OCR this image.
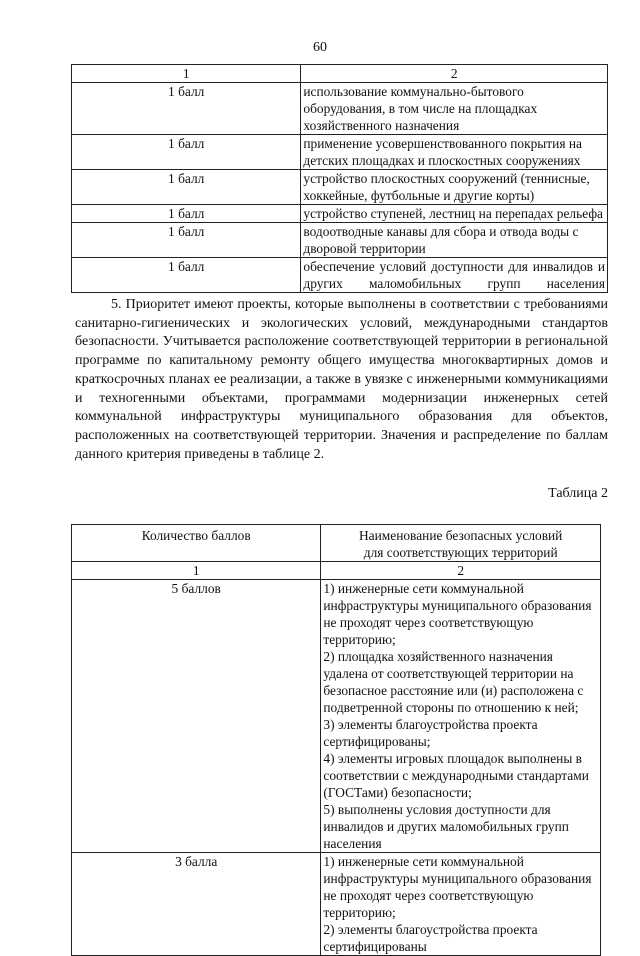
60
1	2
1 балл	использование коммунально-бытового оборудования, в том числе на площадках хозяйственного назначения
1 балл	применение усовершенствованного покрытия на детских площадках и плоскостных сооружениях
1 балл	устройство плоскостных сооружений (теннисные, хоккейные, футбольные и другие корты)
1 балл	устройство ступеней, лестниц на перепадах рельефа
1 балл	водоотводные канавы для сбора и отвода воды с дворовой территории
1 балл	обеспечение условий доступности для инвалидов и других маломобильных групп населения
5. Приоритет имеют проекты, которые выполнены в соответствии с требованиями санитарно-гигиенических и экологических условий, международными стандартов безопасности. Учитывается расположение соответствующей территории в региональной программе по капитальному ремонту общего имущества многоквартирных домов и краткосрочных планах ее реализации, а также в увязке с инженерными коммуникациями и техногенными объектами, программами модернизации инженерных сетей коммунальной инфраструктуры муниципального образования для объектов, расположенных на соответствующей территории. Значения и распределение по баллам данного критерия приведены в таблице 2.
Таблица 2
Количество баллов	Наименование безопасных условий
для соответствующих территорий

1	2
5 баллов	1) инженерные сети коммунальной инфраструктуры муниципального образования не проходят через соответствующую территорию;
2) площадка хозяйственного назначения удалена от соответствующей территории на безопасное расстояние или (и) расположена с подветренной стороны по отношению к ней;
3) элементы благоустройства проекта сертифицированы;
4) элементы игровых площадок выполнены в соответствии с международными стандартами (ГОСТами) безопасности;
5) выполнены условия доступности для инвалидов и других маломобильных групп населения

3 балла	1) инженерные сети коммунальной инфраструктуры муниципального образования не проходят через соответствующую территорию;
2) элементы благоустройства проекта сертифицированы
